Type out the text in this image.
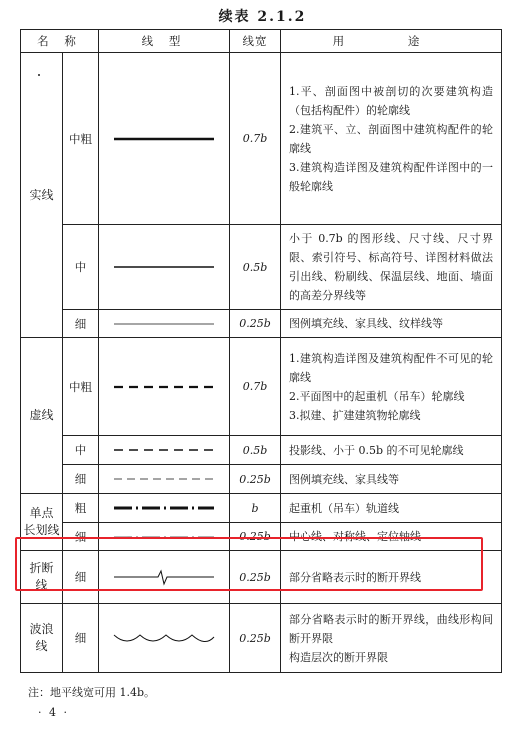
续表 2.1.2
名 称		线 型	线宽	用 途
实线	中粗		0.7b	1.平、剖面图中被剖切的次要建筑构造（包括构配件）的轮廓线
2.建筑平、立、剖面图中建筑构配件的轮廓线
3.建筑构造详图及建筑构配件详图中的一般轮廓线

	中		0.5b	小于 0.7b 的图形线、尺寸线、尺寸界限、索引符号、标高符号、详图材料做法引出线、粉刷线、保温层线、地面、墙面的高差分界线等

	细		0.25b	图例填充线、家具线、纹样线等

虚线	中粗		0.7b	1.建筑构造详图及建筑构配件不可见的轮廓线
2.平面图中的起重机（吊车）轮廓线
3.拟建、扩建建筑物轮廓线

	中		0.5b	投影线、小于 0.5b 的不可见轮廓线

	细		0.25b	图例填充线、家具线等

单点
长划线	粗		b	起重机（吊车）轨道线

	细		0.25b	中心线、对称线、定位轴线

折断
线	细		0.25b	部分省略表示时的断开界线

波浪
线	细		0.25b	部分省略表示时的断开界线，曲线形构间断开界限
构造层次的断开界限
注：地平线宽可用 1.4b。
· 4 ·
